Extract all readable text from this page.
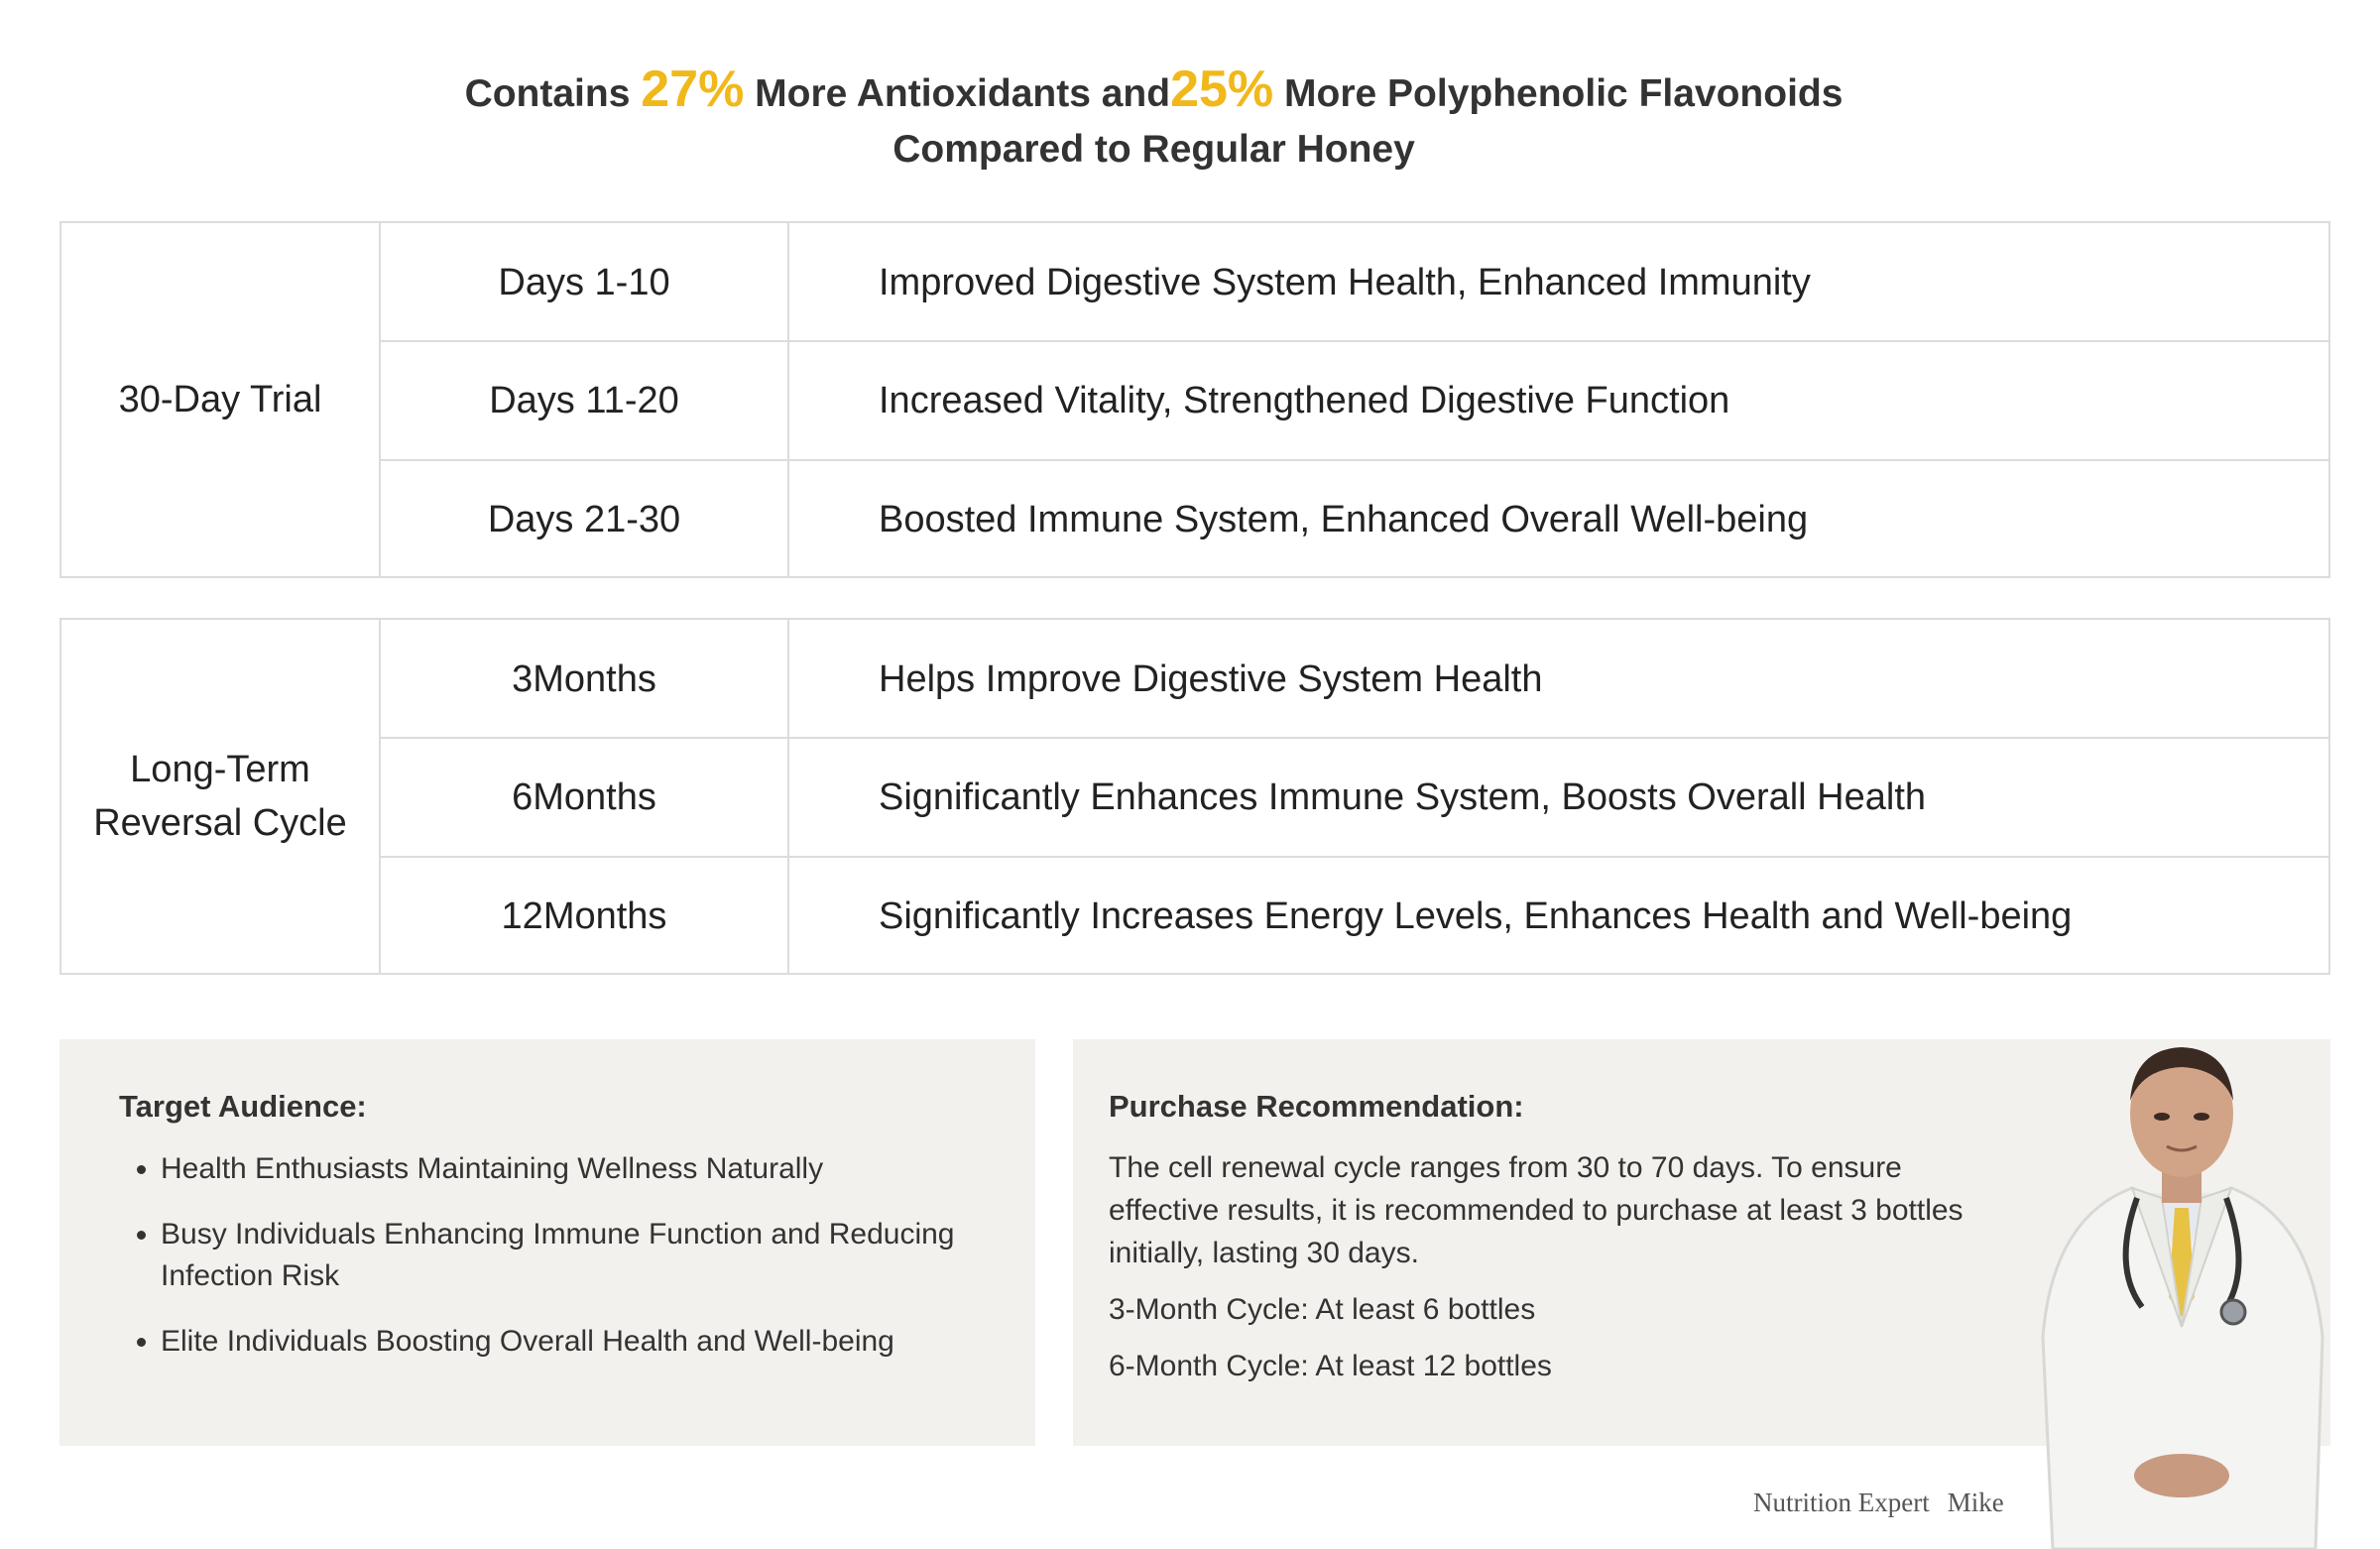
Contains 27% More Antioxidants and25% More Polyphenolic Flavonoids
Compared to Regular Honey
30-Day Trial
Days 1-10	Improved Digestive System Health, Enhanced Immunity
Days 11-20	Increased Vitality, Strengthened Digestive Function
Days 21-30	Boosted Immune System, Enhanced Overall Well-being
Long-Term
Reversal Cycle
3Months	Helps Improve Digestive System Health
6Months	Significantly Enhances Immune System, Boosts Overall Health
12Months	Significantly Increases Energy Levels, Enhances Health and Well-being
Target Audience:
• Health Enthusiasts Maintaining Wellness Naturally
• Busy Individuals Enhancing Immune Function and Reducing Infection Risk
• Elite Individuals Boosting Overall Health and Well-being
Purchase Recommendation:

The cell renewal cycle ranges from 30 to 70 days. To ensure effective results, it is recommended to purchase at least 3 bottles initially, lasting 30 days.

3-Month Cycle: At least 6 bottles

6-Month Cycle: At least 12 bottles

Nutrition Expert Mike
